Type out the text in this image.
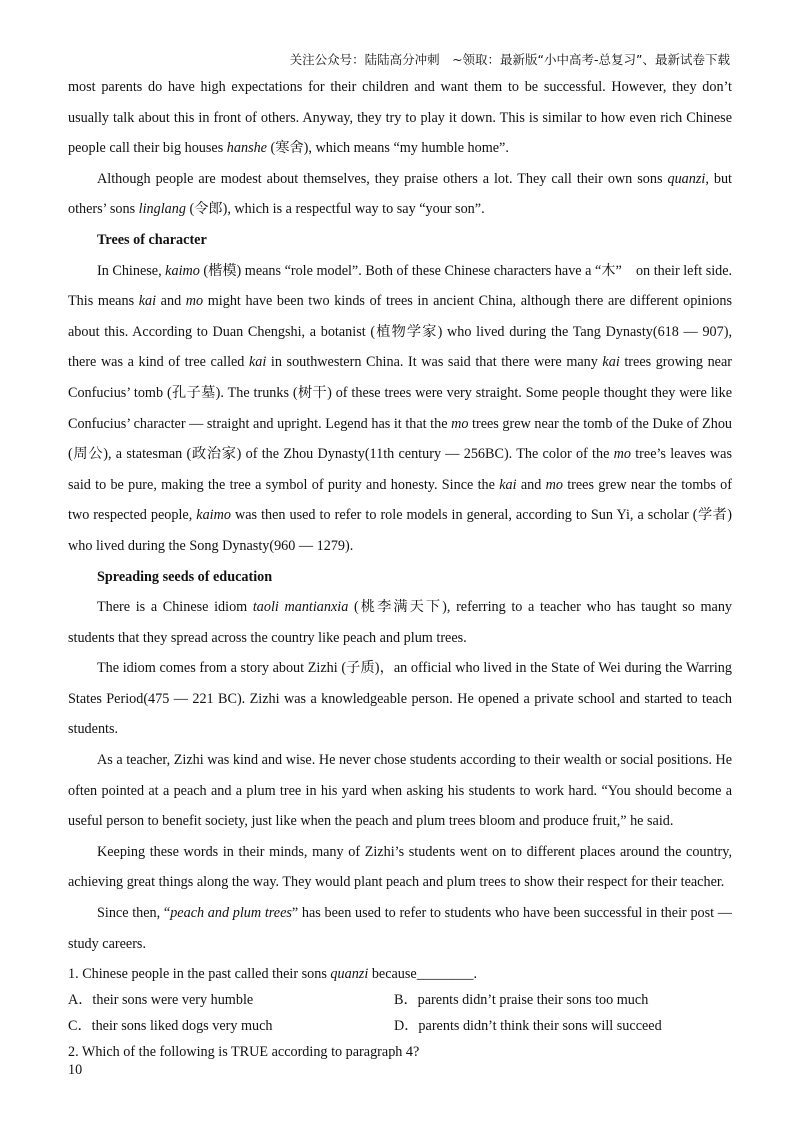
关注公众号：陆陆高分冲刺　~领取：最新版“小中高考-总复习”、最新试卷下载
most parents do have high expectations for their children and want them to be successful. However, they don’t
usually talk about this in front of others. Anyway, they try to play it down. This is similar to how even rich Chinese
people call their big houses hanshe (寒舍), which means “my humble home”.
Although people are modest about themselves, they praise others a lot. They call their own sons quanzi, but
others’ sons linglang (令郎), which is a respectful way to say “your son”.
Trees of character
In Chinese, kaimo (楷模) means “role model”. Both of these Chinese characters have a “木”　on their left side.
This means kai and mo might have been two kinds of trees in ancient China, although there are different opinions
about this. According to Duan Chengshi, a botanist (植物学家) who lived during the Tang Dynasty(618 — 907),
there was a kind of tree called kai in southwestern China. It was said that there were many kai trees growing near
Confucius’ tomb (孔子墓). The trunks (树干) of these trees were very straight. Some people thought they were like
Confucius’ character — straight and upright. Legend has it that the mo trees grew near the tomb of the Duke of Zhou
(周公), a statesman (政治家) of the Zhou Dynasty(11th century — 256BC). The color of the mo tree’s leaves was
said to be pure, making the tree a symbol of purity and honesty. Since the kai and mo trees grew near the tombs of
two respected people, kaimo was then used to refer to role models in general, according to Sun Yi, a scholar (学者)
who lived during the Song Dynasty(960 — 1279).
Spreading seeds of education
There is a Chinese idiom taoli mantianxia (桃李满天下), referring to a teacher who has taught so many
students that they spread across the country like peach and plum trees.
The idiom comes from a story about Zizhi (子质)，an official who lived in the State of Wei during the Warring
States Period(475 — 221 BC). Zizhi was a knowledgeable person. He opened a private school and started to teach
students.
As a teacher, Zizhi was kind and wise. He never chose students according to their wealth or social positions. He
often pointed at a peach and a plum tree in his yard when asking his students to work hard. “You should become a
useful person to benefit society, just like when the peach and plum trees bloom and produce fruit,” he said.
Keeping these words in their minds, many of Zizhi’s students went on to different places around the country,
achieving great things along the way. They would plant peach and plum trees to show their respect for their teacher.
Since then, “peach and plum trees” has been used to refer to students who have been successful in their post —
study careers.
1. Chinese people in the past called their sons quanzi because________.
A．their sons were very humble	B．parents didn’t praise their sons too much
C．their sons liked dogs very much	D．parents didn’t think their sons will succeed
2. Which of the following is TRUE according to paragraph 4?
10
